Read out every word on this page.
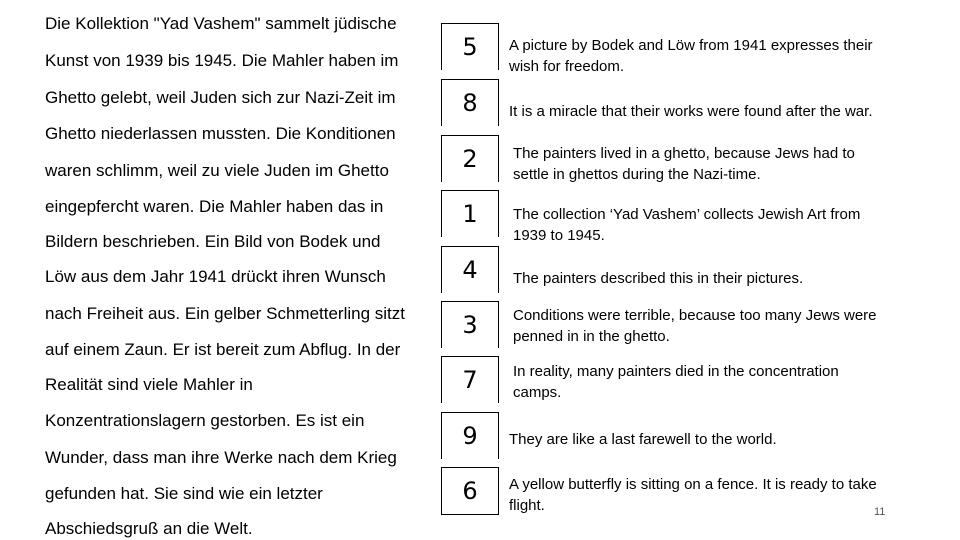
Die Kollektion "Yad Vashem" sammelt jüdische
Kunst von 1939 bis 1945. Die Mahler haben im
Ghetto gelebt, weil Juden sich zur Nazi-Zeit im
Ghetto niederlassen mussten. Die Konditionen
waren schlimm, weil zu viele Juden im Ghetto
eingepfercht waren. Die Mahler haben das in
Bildern beschrieben. Ein Bild von Bodek und
Löw aus dem Jahr 1941 drückt ihren Wunsch
nach Freiheit aus. Ein gelber Schmetterling sitzt
auf einem Zaun. Er ist bereit zum Abflug. In der
Realität sind viele Mahler in
Konzentrationslagern gestorben. Es ist ein
Wunder, dass man ihre Werke nach dem Krieg
gefunden hat. Sie sind wie ein letzter
Abschiedsgruß an die Welt.
5
8
2
1
4
3
7
9
6
A picture by Bodek and Löw from 1941 expresses their
wish for freedom.
It is a miracle that their works were found after the war.
The painters lived in a ghetto, because Jews had to
settle in ghettos during the Nazi-time.
The collection ‘Yad Vashem’ collects Jewish Art from
1939 to 1945.
The painters described this in their pictures.
Conditions were terrible, because too many Jews were
penned in in the ghetto.
In reality, many painters died in the concentration
camps.
They are like a last farewell to the world.
A yellow butterfly is sitting on a fence. It is ready to take
flight.	11
